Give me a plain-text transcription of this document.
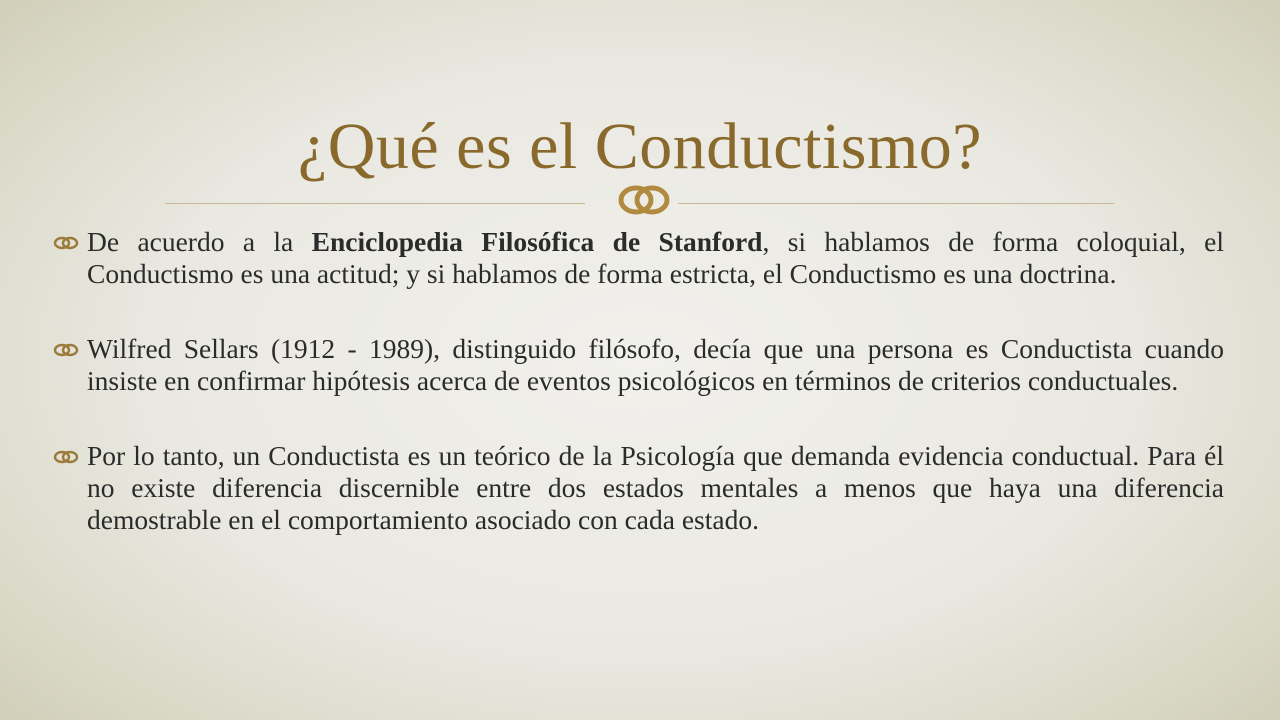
¿Qué es el Conductismo?

De acuerdo a la Enciclopedia Filosófica de Stanford, si hablamos de forma coloquial, el Conductismo es una actitud; y si hablamos de forma estricta, el Conductismo es una doctrina.

Wilfred Sellars (1912 - 1989), distinguido filósofo, decía que una persona es Conductista cuando insiste en confirmar hipótesis acerca de eventos psicológicos en términos de criterios conductuales.

Por lo tanto, un Conductista es un teórico de la Psicología que demanda evidencia conductual. Para él no existe diferencia discernible entre dos estados mentales a menos que haya una diferencia demostrable en el comportamiento asociado con cada estado.
